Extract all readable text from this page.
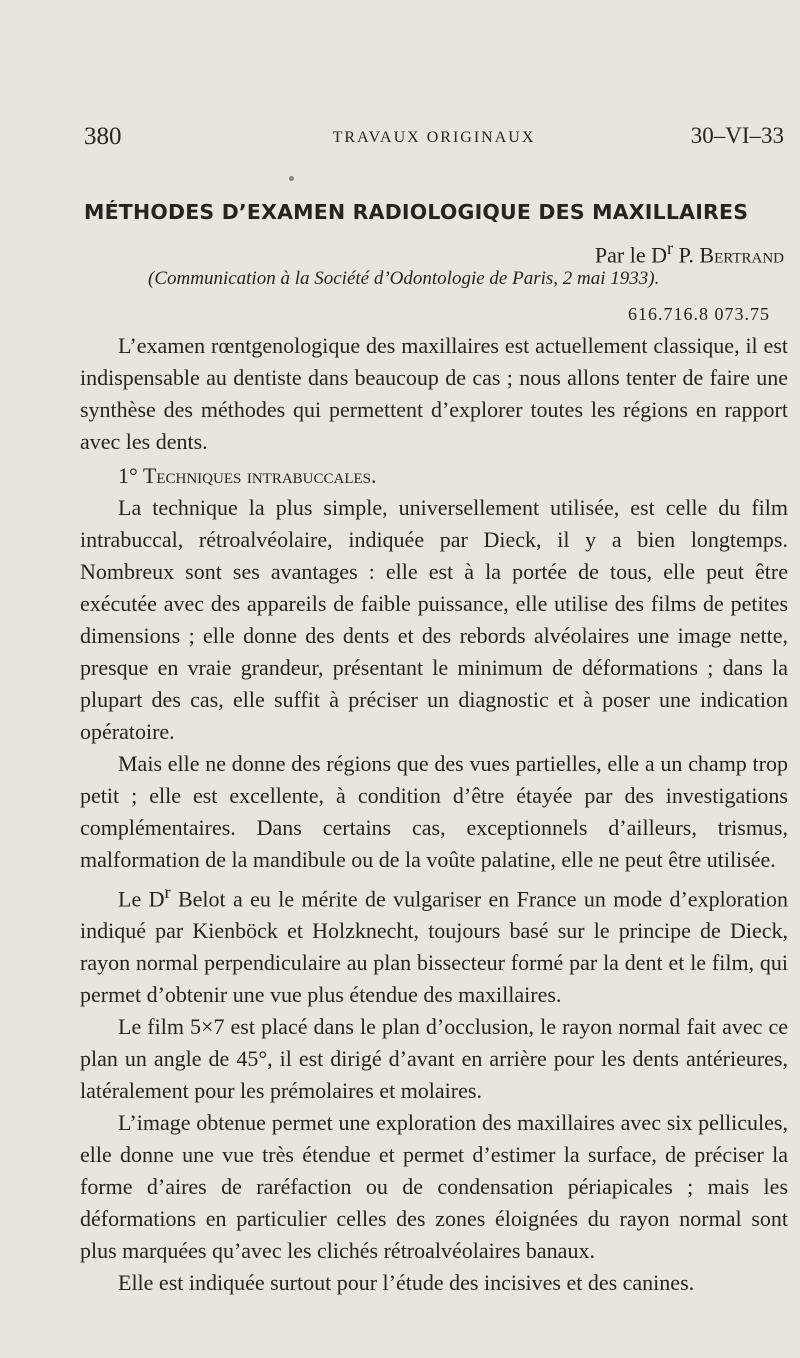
380	TRAVAUX ORIGINAUX	30–VI–33
MÉTHODES D’EXAMEN RADIOLOGIQUE DES MAXILLAIRES
Par le $D^r$ P. Bertrand
(Communication à la Société d’Odontologie de Paris, 2 mai 1933).
616.716.8 073.75

L’examen rœntgenologique des maxillaires est actuellement classique, il est indispensable au dentiste dans beaucoup de cas ; nous allons tenter de faire une synthèse des méthodes qui permettent d’explorer toutes les régions en rapport avec les dents.

1° Techniques intrabuccales.

La technique la plus simple, universellement utilisée, est celle du film intrabuccal, rétroalvéolaire, indiquée par Dieck, il y a bien longtemps. Nombreux sont ses avantages : elle est à la portée de tous, elle peut être exécutée avec des appareils de faible puissance, elle utilise des films de petites dimensions ; elle donne des dents et des rebords alvéolaires une image nette, presque en vraie grandeur, présentant le minimum de déformations ; dans la plupart des cas, elle suffit à préciser un diagnostic et à poser une indication opératoire.

Mais elle ne donne des régions que des vues partielles, elle a un champ trop petit ; elle est excellente, à condition d’être étayée par des investigations complémentaires. Dans certains cas, exceptionnels d’ailleurs, trismus, malformation de la mandibule ou de la voûte palatine, elle ne peut être utilisée.

Le $D^r$ Belot a eu le mérite de vulgariser en France un mode d’exploration indiqué par Kienböck et Holzknecht, toujours basé sur le principe de Dieck, rayon normal perpendiculaire au plan bissecteur formé par la dent et le film, qui permet d’obtenir une vue plus étendue des maxillaires.

Le film 5×7 est placé dans le plan d’occlusion, le rayon normal fait avec ce plan un angle de 45°, il est dirigé d’avant en arrière pour les dents antérieures, latéralement pour les prémolaires et molaires.

L’image obtenue permet une exploration des maxillaires avec six pellicules, elle donne une vue très étendue et permet d’estimer la surface, de préciser la forme d’aires de raréfaction ou de condensation périapicales ; mais les déformations en particulier celles des zones éloignées du rayon normal sont plus marquées qu’avec les clichés rétroalvéolaires banaux.

Elle est indiquée surtout pour l’étude des incisives et des canines.
